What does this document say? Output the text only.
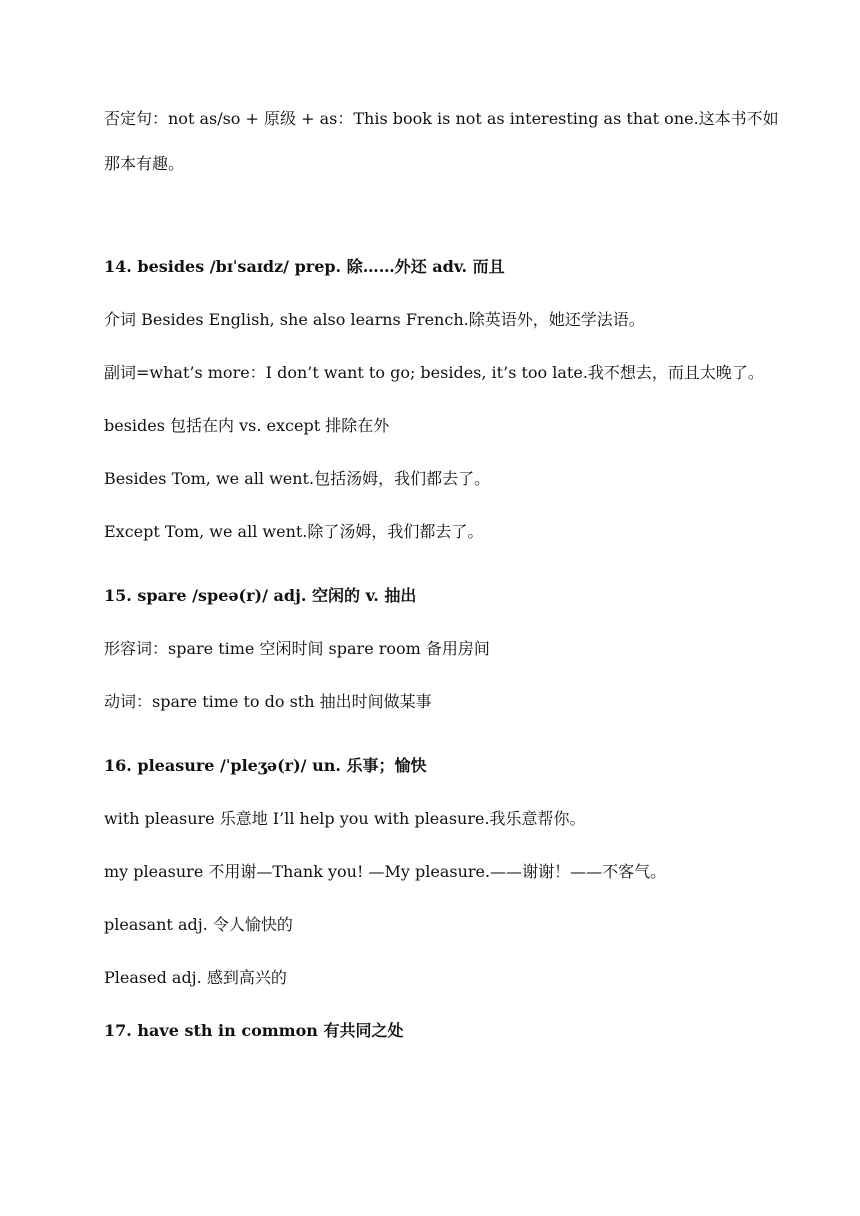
否定句：not as/so + 原级 + as：This book is not as interesting as that one.这本书不如
那本有趣。
14. besides /bɪˈsaɪdz/ prep. 除……外还 adv. 而且
介词 Besides English, she also learns French.除英语外，她还学法语。
副词=what’s more：I don’t want to go; besides, it’s too late.我不想去，而且太晚了。
besides 包括在内 vs. except 排除在外
Besides Tom, we all went.包括汤姆，我们都去了。
Except Tom, we all went.除了汤姆，我们都去了。
15. spare /speə(r)/ adj. 空闲的 v. 抽出
形容词：spare time 空闲时间 spare room 备用房间
动词：spare time to do sth 抽出时间做某事
16. pleasure /ˈpleʒə(r)/ un. 乐事；愉快
with pleasure 乐意地 I’ll help you with pleasure.我乐意帮你。
my pleasure 不用谢—Thank you! —My pleasure.——谢谢！——不客气。
pleasant adj. 令人愉快的
Pleased adj. 感到高兴的
17. have sth in common 有共同之处
